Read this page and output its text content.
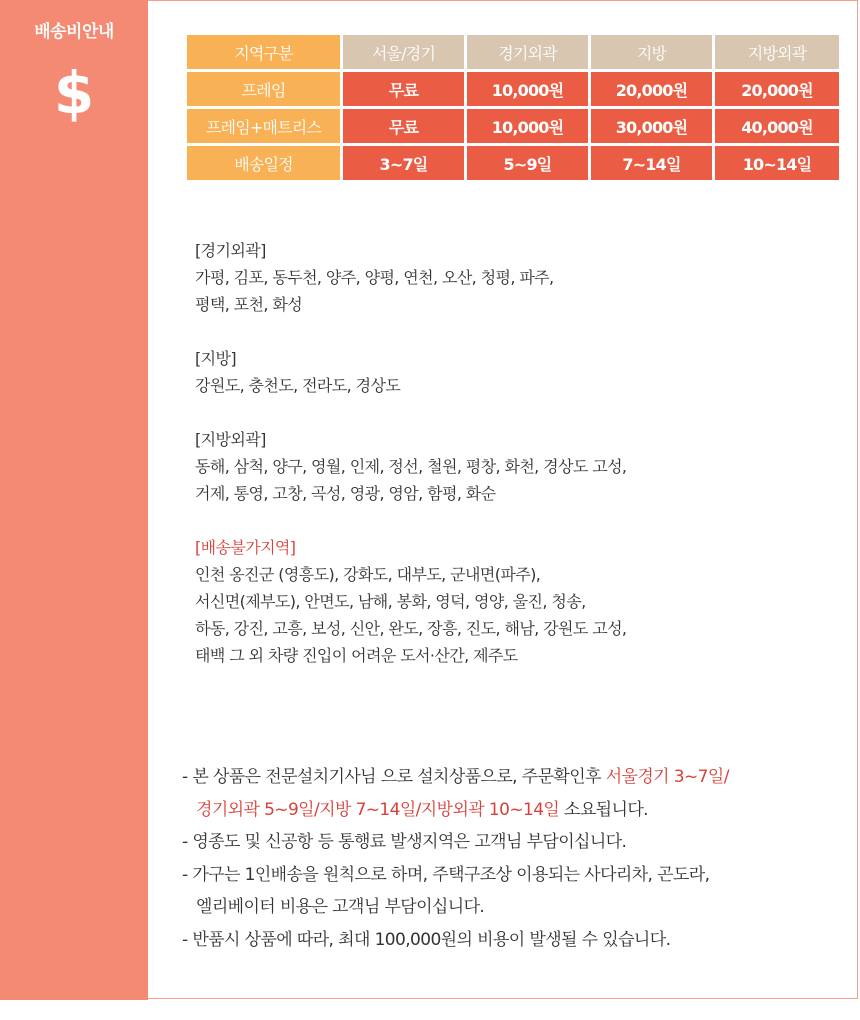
배송비안내
$
지역구분	서울/경기	경기외곽	지방	지방외곽
프레임	무료	10,000원	20,000원	20,000원
프레임+매트리스	무료	10,000원	30,000원	40,000원
배송일정	3~7일	5~9일	7~14일	10~14일
[경기외곽]
가평, 김포, 동두천, 양주, 양평, 연천, 오산, 청평, 파주,
평택, 포천, 화성
[지방]
강원도, 충천도, 전라도, 경상도
[지방외곽]
동해, 삼척, 양구, 영월, 인제, 정선, 철원, 평창, 화천, 경상도 고성,
거제, 통영, 고창, 곡성, 영광, 영암, 함평, 화순
[배송불가지역]
인천 옹진군 (영흥도), 강화도, 대부도, 군내면(파주),
서신면(제부도), 안면도, 남해, 봉화, 영덕, 영양, 울진, 청송,
하동, 강진, 고흥, 보성, 신안, 완도, 장흥, 진도, 해남, 강원도 고성,
태백 그 외 차량 진입이 어려운 도서·산간, 제주도
- 본 상품은 전문설치기사님 으로 설치상품으로, 주문확인후 서울경기 3~7일/
경기외곽 5~9일/지방 7~14일/지방외곽 10~14일 소요됩니다.
- 영종도 및 신공항 등 통행료 발생지역은 고객님 부담이십니다.
- 가구는 1인배송을 원칙으로 하며, 주택구조상 이용되는 사다리차, 곤도라,
엘리베이터 비용은 고객님 부담이십니다.
- 반품시 상품에 따라, 최대 100,000원의 비용이 발생될 수 있습니다.
